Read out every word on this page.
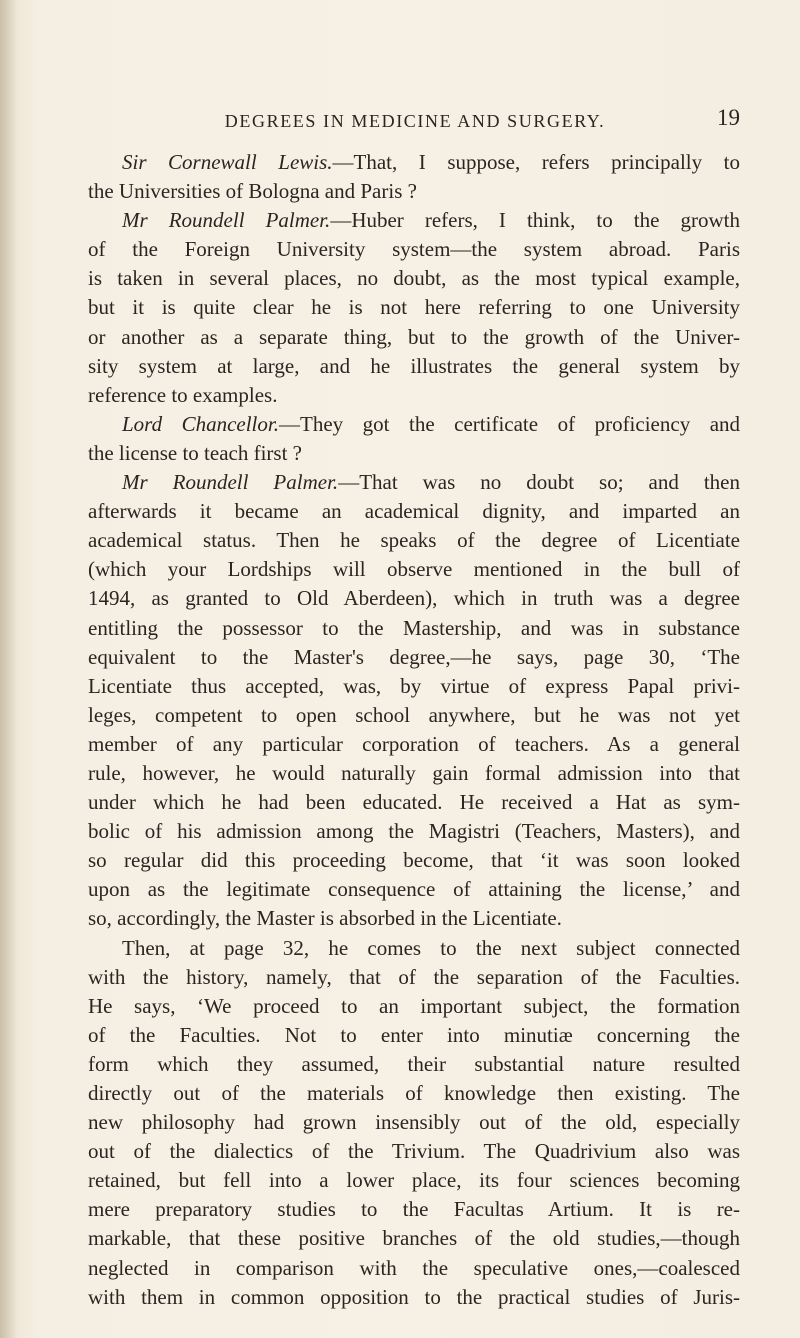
DEGREES IN MEDICINE AND SURGERY.	19
Sir Cornewall Lewis.—That, I suppose, refers principally to
the Universities of Bologna and Paris ?
Mr Roundell Palmer.—Huber refers, I think, to the growth
of the Foreign University system—the system abroad. Paris
is taken in several places, no doubt, as the most typical example,
but it is quite clear he is not here referring to one University
or another as a separate thing, but to the growth of the Univer-
sity system at large, and he illustrates the general system by
reference to examples.
Lord Chancellor.—They got the certificate of proficiency and
the license to teach first ?
Mr Roundell Palmer.—That was no doubt so; and then
afterwards it became an academical dignity, and imparted an
academical status. Then he speaks of the degree of Licentiate
(which your Lordships will observe mentioned in the bull of
1494, as granted to Old Aberdeen), which in truth was a degree
entitling the possessor to the Mastership, and was in substance
equivalent to the Master's degree,—he says, page 30, ‘The
Licentiate thus accepted, was, by virtue of express Papal privi-
leges, competent to open school anywhere, but he was not yet
member of any particular corporation of teachers. As a general
rule, however, he would naturally gain formal admission into that
under which he had been educated. He received a Hat as sym-
bolic of his admission among the Magistri (Teachers, Masters), and
so regular did this proceeding become, that ‘it was soon looked
upon as the legitimate consequence of attaining the license,’ and
so, accordingly, the Master is absorbed in the Licentiate.
Then, at page 32, he comes to the next subject connected
with the history, namely, that of the separation of the Faculties.
He says, ‘We proceed to an important subject, the formation
of the Faculties. Not to enter into minutiæ concerning the
form which they assumed, their substantial nature resulted
directly out of the materials of knowledge then existing. The
new philosophy had grown insensibly out of the old, especially
out of the dialectics of the Trivium. The Quadrivium also was
retained, but fell into a lower place, its four sciences becoming
mere preparatory studies to the Facultas Artium. It is re-
markable, that these positive branches of the old studies,—though
neglected in comparison with the speculative ones,—coalesced
with them in common opposition to the practical studies of Juris-
